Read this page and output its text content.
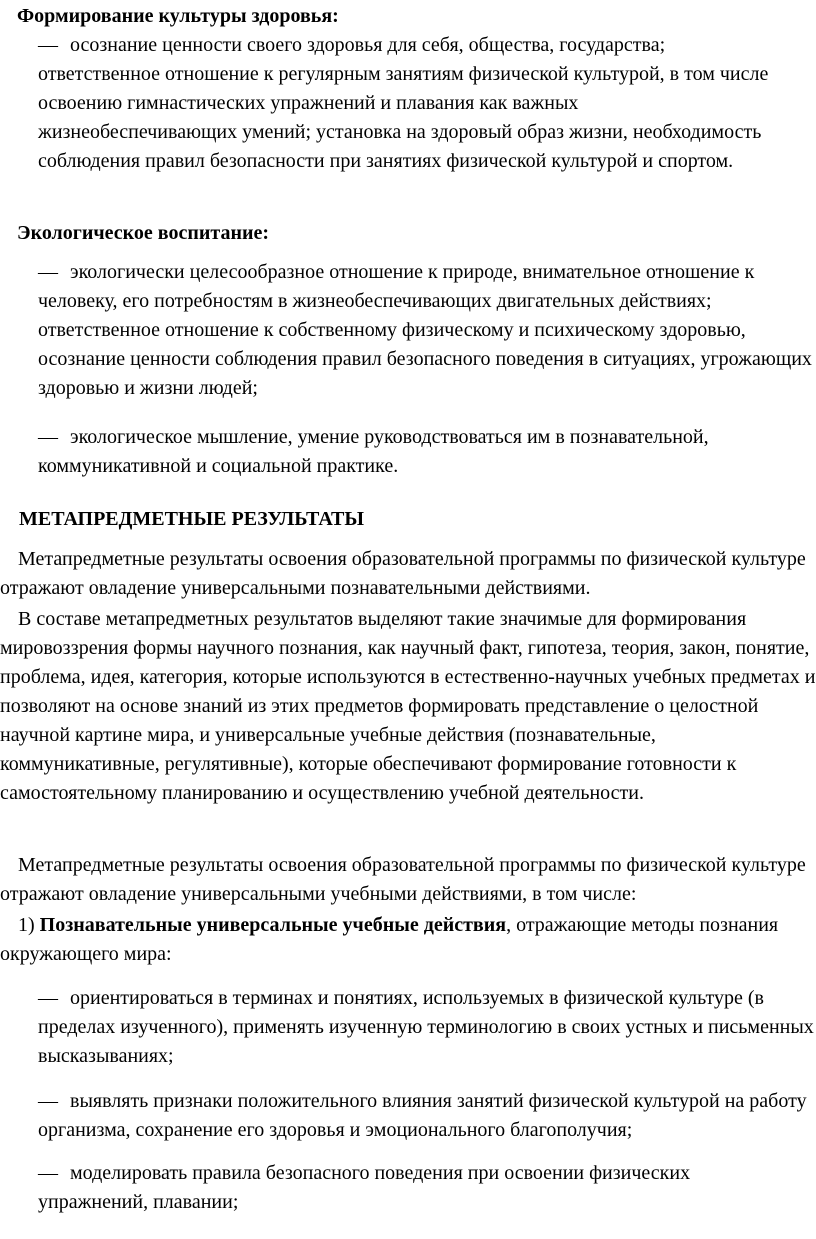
Формирование культуры здоровья:

— осознание ценности своего здоровья для себя, общества, государства; ответственное отношение к регулярным занятиям физической культурой, в том числе освоению гимнастических упражнений и плавания как важных жизнеобеспечивающих умений; установка на здоровый образ жизни, необходимость соблюдения правил безопасности при занятиях физической культурой и спортом.

Экологическое воспитание:

— экологически целесообразное отношение к природе, внимательное отношение к человеку, его потребностям в жизнеобеспечивающих двигательных действиях; ответственное отношение к собственному физическому и психическому здоровью, осознание ценности соблюдения правил безопасного поведения в ситуациях, угрожающих здоровью и жизни людей;

— экологическое мышление, умение руководствоваться им в познавательной, коммуникативной и социальной практике.

МЕТАПРЕДМЕТНЫЕ РЕЗУЛЬТАТЫ

Метапредметные результаты освоения образовательной программы по физической культуре отражают овладение универсальными познавательными действиями.

В составе метапредметных результатов выделяют такие значимые для формирования мировоззрения формы научного познания, как научный факт, гипотеза, теория, закон, понятие, проблема, идея, категория, которые используются в естественно-научных учебных предметах и позволяют на основе знаний из этих предметов формировать представление о целостной научной картине мира, и универсальные учебные действия (познавательные, коммуникативные, регулятивные), которые обеспечивают формирование готовности к самостоятельному планированию и осуществлению учебной деятельности.

Метапредметные результаты освоения образовательной программы по физической культуре отражают овладение универсальными учебными действиями, в том числе:

1) Познавательные универсальные учебные действия, отражающие методы познания окружающего мира:

— ориентироваться в терминах и понятиях, используемых в физической культуре (в пределах изученного), применять изученную терминологию в своих устных и письменных высказываниях;

— выявлять признаки положительного влияния занятий физической культурой на работу организма, сохранение его здоровья и эмоционального благополучия;

— моделировать правила безопасного поведения при освоении физических упражнений, плавании;
